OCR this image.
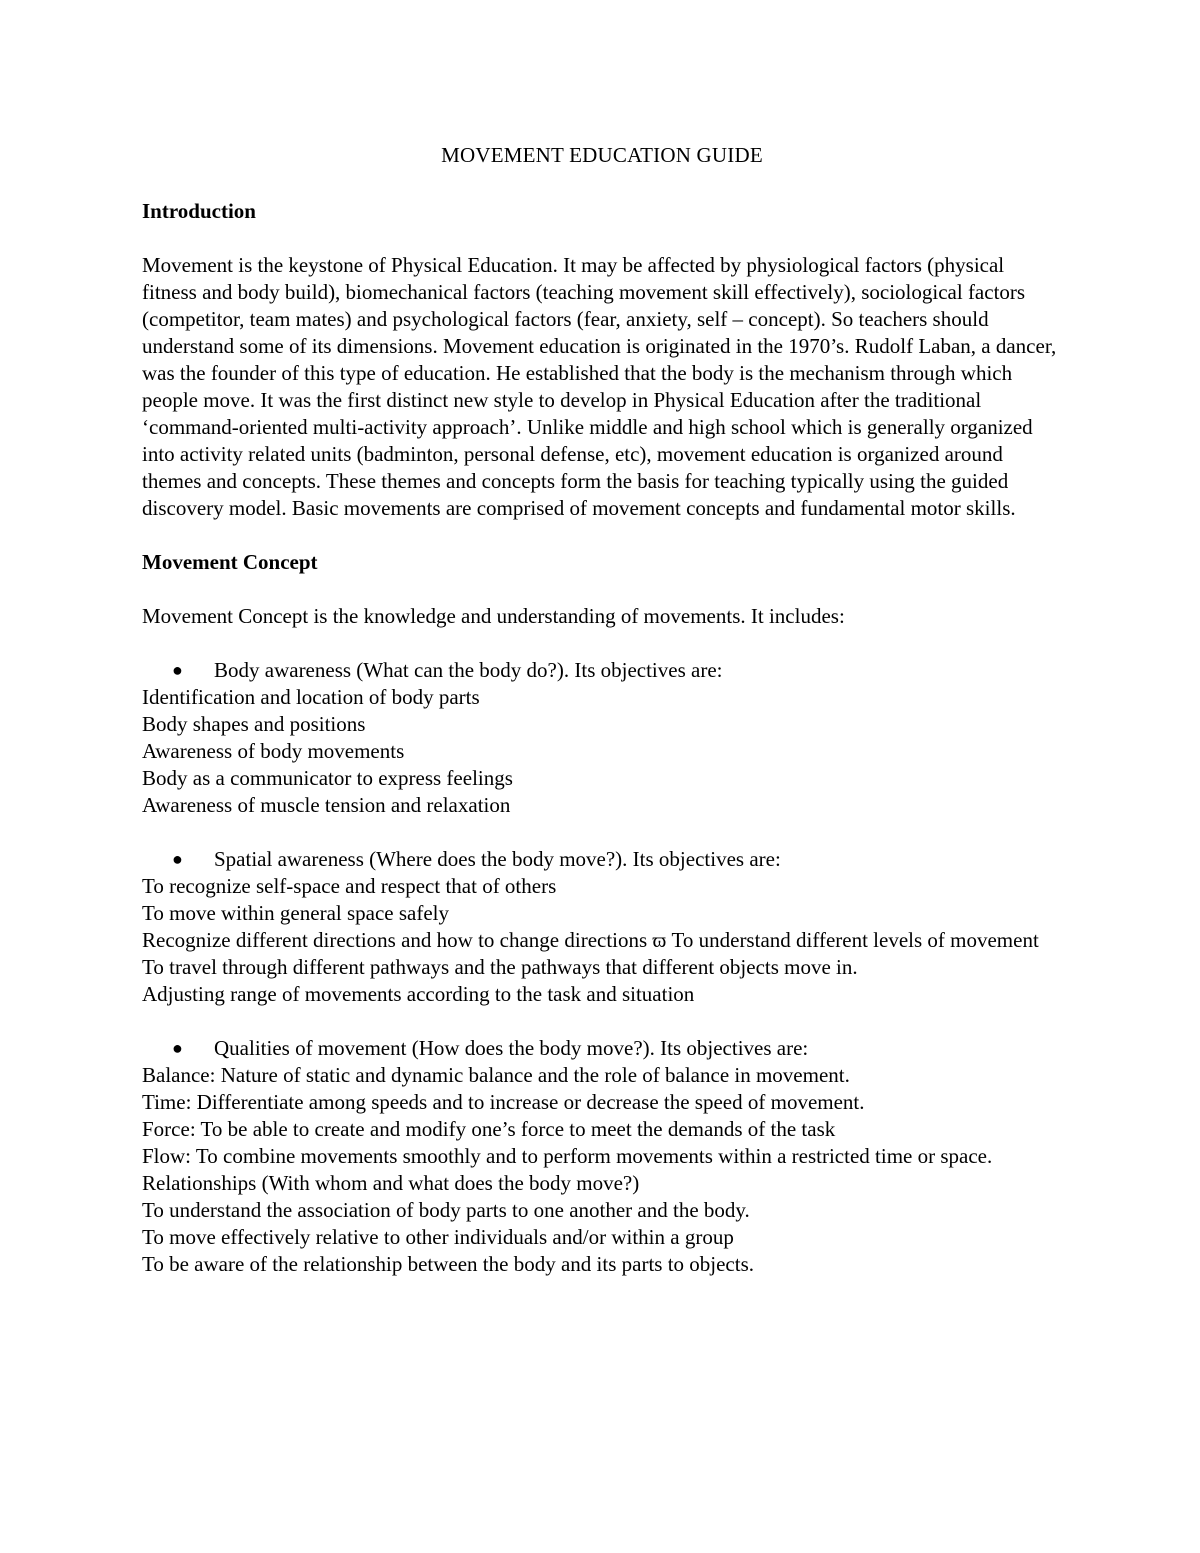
MOVEMENT EDUCATION GUIDE
Introduction

Movement is the keystone of Physical Education. It may be affected by physiological factors (physical fitness and body build), biomechanical factors (teaching movement skill effectively), sociological factors (competitor, team mates) and psychological factors (fear, anxiety, self – concept). So teachers should understand some of its dimensions. Movement education is originated in the 1970’s. Rudolf Laban, a dancer, was the founder of this type of education. He established that the body is the mechanism through which people move. It was the first distinct new style to develop in Physical Education after the traditional ‘command-oriented multi-activity approach’. Unlike middle and high school which is generally organized into activity related units (badminton, personal defense, etc), movement education is organized around themes and concepts. These themes and concepts form the basis for teaching typically using the guided discovery model. Basic movements are comprised of movement concepts and fundamental motor skills.

Movement Concept

Movement Concept is the knowledge and understanding of movements. It includes:

● Body awareness (What can the body do?). Its objectives are:
Identification and location of body parts
Body shapes and positions
Awareness of body movements
Body as a communicator to express feelings
Awareness of muscle tension and relaxation
● Spatial awareness (Where does the body move?). Its objectives are:
To recognize self-space and respect that of others
To move within general space safely
Recognize different directions and how to change directions ϖ To understand different levels of movement
To travel through different pathways and the pathways that different objects move in.
Adjusting range of movements according to the task and situation
● Qualities of movement (How does the body move?). Its objectives are:
Balance: Nature of static and dynamic balance and the role of balance in movement.
Time: Differentiate among speeds and to increase or decrease the speed of movement.
Force: To be able to create and modify one’s force to meet the demands of the task
Flow: To combine movements smoothly and to perform movements within a restricted time or space.
Relationships (With whom and what does the body move?)
To understand the association of body parts to one another and the body.
To move effectively relative to other individuals and/or within a group
To be aware of the relationship between the body and its parts to objects.
